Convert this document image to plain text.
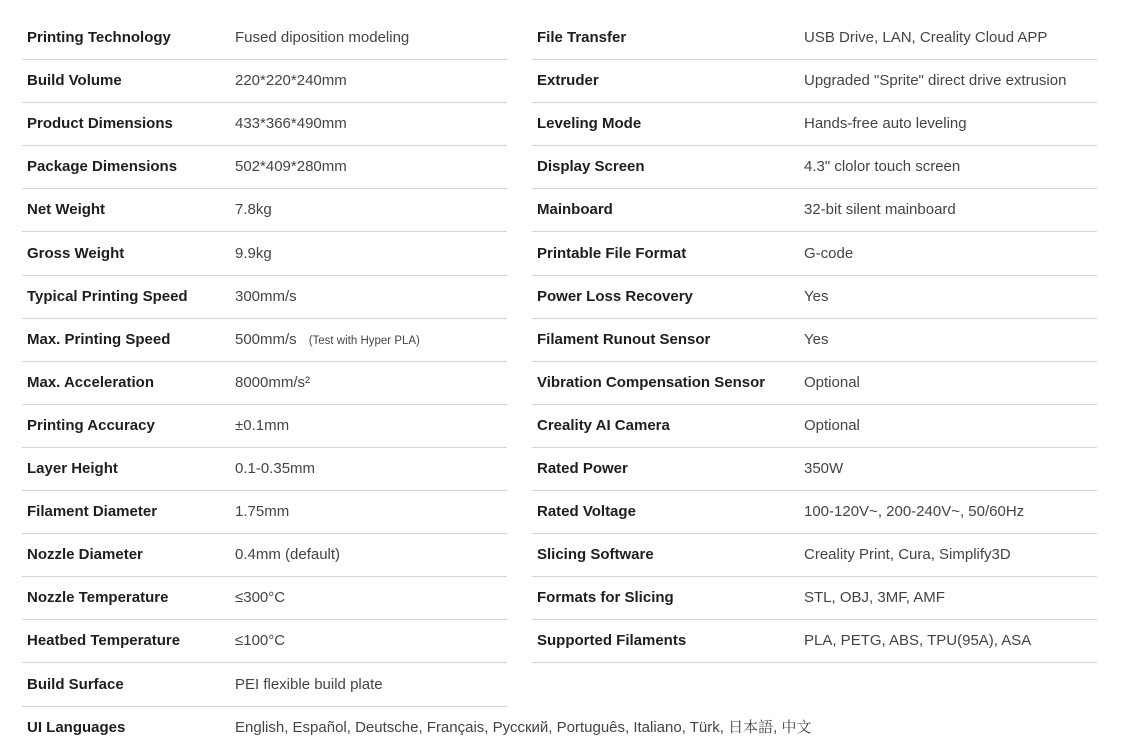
Printing Technology	Fused diposition modeling
Build Volume	220*220*240mm
Product Dimensions	433*366*490mm
Package Dimensions	502*409*280mm
Net Weight	7.8kg
Gross Weight	9.9kg
Typical Printing Speed	300mm/s
Max. Printing Speed	500mm/s (Test with Hyper PLA)
Max. Acceleration	8000mm/s²
Printing Accuracy	±0.1mm
Layer Height	0.1-0.35mm
Filament Diameter	1.75mm
Nozzle Diameter	0.4mm (default)
Nozzle Temperature	≤300°C
Heatbed Temperature	≤100°C
Build Surface	PEI flexible build plate
UI Languages	English, Español, Deutsche, Français, Русский, Português, Italiano, Türk, 日本語, 中文
File Transfer	USB Drive, LAN, Creality Cloud APP
Extruder	Upgraded "Sprite" direct drive extrusion
Leveling Mode	Hands-free auto leveling
Display Screen	4.3" clolor touch screen
Mainboard	32-bit silent mainboard
Printable File Format	G-code
Power Loss Recovery	Yes
Filament Runout Sensor	Yes
Vibration Compensation Sensor	Optional
Creality AI Camera	Optional
Rated Power	350W
Rated Voltage	100-120V~, 200-240V~, 50/60Hz
Slicing Software	Creality Print, Cura, Simplify3D
Formats for Slicing	STL, OBJ, 3MF, AMF
Supported Filaments	PLA, PETG, ABS, TPU(95A), ASA
